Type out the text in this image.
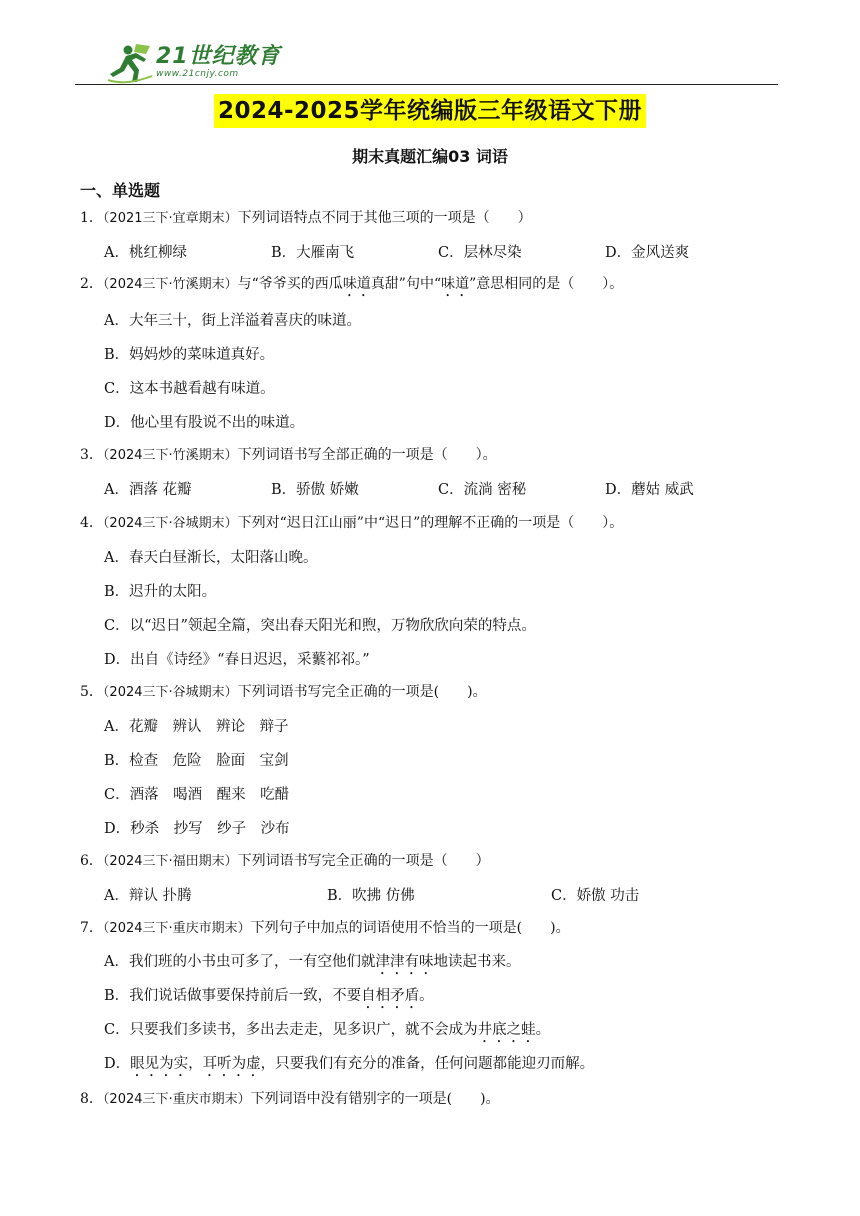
21世纪教育
www.21cnjy.com
2024-2025学年统编版三年级语文下册
期末真题汇编03 词语
一、单选题
1．（2021三下·宜章期末）下列词语特点不同于其他三项的一项是（　　）
A．桃红柳绿	B．大雁南飞	C．层林尽染	D．金风送爽
2．（2024三下·竹溪期末）与“爷爷买的西瓜味道真甜”句中“味道”意思相同的是（　　）。
A．大年三十，街上洋溢着喜庆的味道。
B．妈妈炒的菜味道真好。
C．这本书越看越有味道。
D．他心里有股说不出的味道。
3．（2024三下·竹溪期末）下列词语书写全部正确的一项是（　　）。
A．酒落 花瓣	B．骄傲 娇嫩	C．流淌 密秘	D．蘑姑 威武
4．（2024三下·谷城期末）下列对“迟日江山丽”中“迟日”的理解不正确的一项是（　　）。
A．春天白昼渐长，太阳落山晚。
B．迟升的太阳。
C．以“迟日”领起全篇，突出春天阳光和煦，万物欣欣向荣的特点。
D．出自《诗经》“春日迟迟，采蘩祁祁。”
5．（2024三下·谷城期末）下列词语书写完全正确的一项是(　　)。
A．花瓣　辨认　辨论　辩子
B．检查　危险　脸面　宝剑
C．酒落　喝酒　醒来　吃醋
D．秒杀　抄写　纱子　沙布
6．（2024三下·福田期末）下列词语书写完全正确的一项是（　　）
A．辩认 扑腾	B．吹拂 仿佛	C．娇傲 功击
7．（2024三下·重庆市期末）下列句子中加点的词语使用不恰当的一项是(　　)。
A．我们班的小书虫可多了，一有空他们就津津有味地读起书来。
B．我们说话做事要保持前后一致，不要自相矛盾。
C．只要我们多读书，多出去走走，见多识广，就不会成为井底之蛙。
D．眼见为实，耳听为虚，只要我们有充分的准备，任何问题都能迎刃而解。
8．（2024三下·重庆市期末）下列词语中没有错别字的一项是(　　)。
